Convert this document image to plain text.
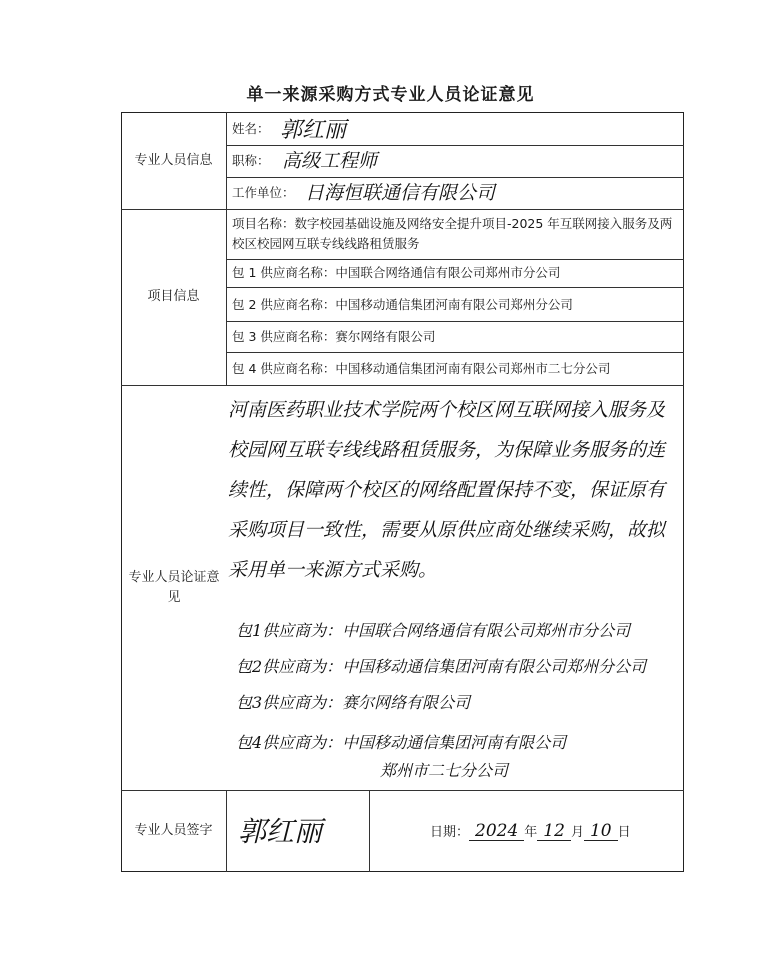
单一来源采购方式专业人员论证意见
专业人员信息
项目信息
专业人员论证意见
专业人员签字
姓名： 郭红丽
职称： 高级工程师
工作单位： 日海恒联通信有限公司
项目名称：数字校园基础设施及网络安全提升项目-2025 年互联网接入服务及两校区校园网互联专线线路租赁服务
包 1 供应商名称：中国联合网络通信有限公司郑州市分公司
包 2 供应商名称：中国移动通信集团河南有限公司郑州分公司
包 3 供应商名称：赛尔网络有限公司
包 4 供应商名称：中国移动通信集团河南有限公司郑州市二七分公司
河南医药职业技术学院两个校区网互联网接入服务及校园网互联专线线路租赁服务，为保障业务服务的连续性，保障两个校区的网络配置保持不变，保证原有采购项目一致性，需要从原供应商处继续采购，故拟采用单一来源方式采购。
包1供应商为：中国联合网络通信有限公司郑州市分公司
包2供应商为：中国移动通信集团河南有限公司郑州分公司
包3供应商为：赛尔网络有限公司
包4供应商为：中国移动通信集团河南有限公司
郑州市二七分公司
郭红丽	日期： 2024 年 12 月 10 日
